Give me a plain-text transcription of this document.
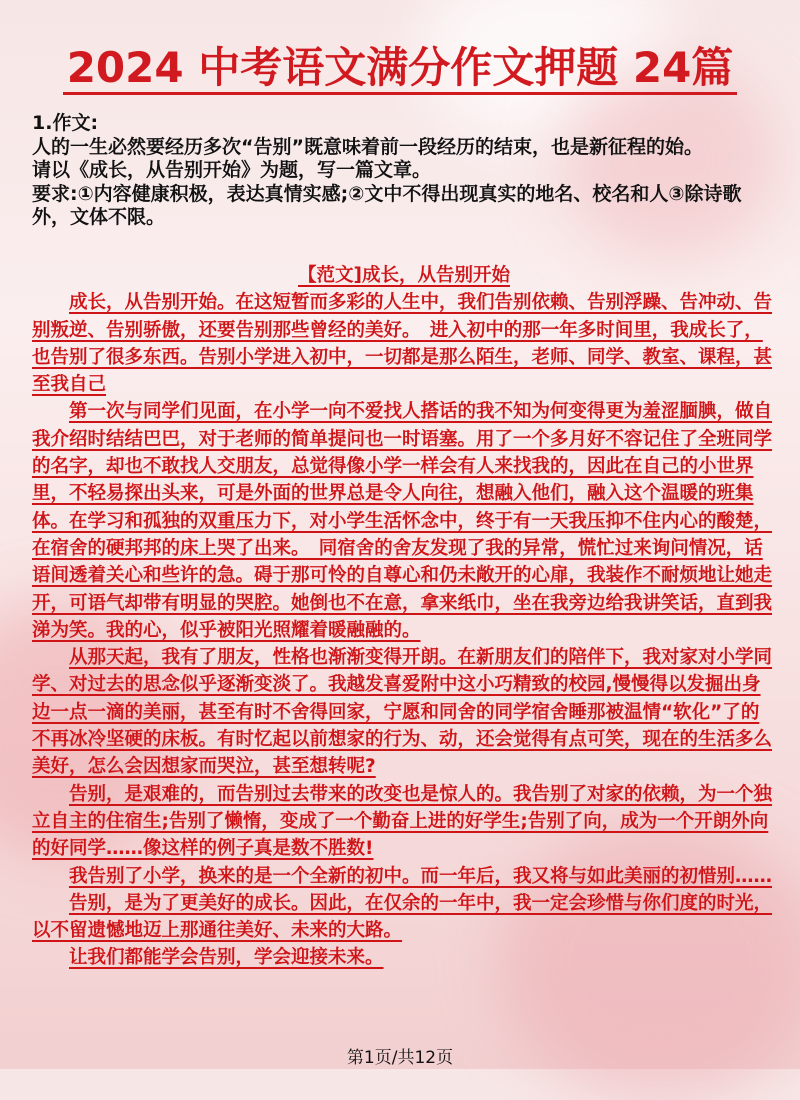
2024 中考语文满分作文押题 24篇

1.作文:

人的一生必然要经历多次“告别”既意味着前一段经历的结束，也是新征程的始。

请以《成长，从告别开始》为题，写一篇文章。

要求:①内容健康积极，表达真情实感;②文中不得出现真实的地名、校名和人③除诗歌外，文体不限。

【范文]成长，从告别开始

成长，从告别开始。在这短暂而多彩的人生中，我们告别依赖、告别浮躁、告冲动、告别叛逆、告别骄傲，还要告别那些曾经的美好。　进入初中的那一年多时间里，我成长了，也告别了很多东西。告别小学进入初中，一切都是那么陌生，老师、同学、教室、课程，甚至我自己

第一次与同学们见面，在小学一向不爱找人搭话的我不知为何变得更为羞涩腼腆，做自我介绍时结结巴巴，对于老师的简单提问也一时语塞。用了一个多月好不容记住了全班同学的名字，却也不敢找人交朋友，总觉得像小学一样会有人来找我的，因此在自己的小世界里，不轻易探出头来，可是外面的世界总是令人向往，想融入他们，融入这个温暖的班集体。在学习和孤独的双重压力下，对小学生活怀念中，终于有一天我压抑不住内心的酸楚，在宿舍的硬邦邦的床上哭了出来。　同宿舍的舍友发现了我的异常，慌忙过来询问情况，话语间透着关心和些许的急。碍于那可怜的自尊心和仍未敞开的心扉，我装作不耐烦地让她走开，可语气却带有明显的哭腔。她倒也不在意，拿来纸巾，坐在我旁边给我讲笑话，直到我

涕为笑。我的心，似乎被阳光照耀着暖融融的。

从那天起，我有了朋友，性格也渐渐变得开朗。在新朋友们的陪伴下，我对家对小学同学、对过去的思念似乎逐渐变淡了。我越发喜爱附中这小巧精致的校园,慢慢得以发掘出身边一点一滴的美丽，甚至有时不舍得回家，宁愿和同舍的同学宿舍睡那被温情“软化”了的不再冰冷坚硬的床板。有时忆起以前想家的行为、动，还会觉得有点可笑，现在的生活多么美好，怎么会因想家而哭泣，甚至想转呢?

告别，是艰难的，而告别过去带来的改变也是惊人的。我告别了对家的依赖，为一个独立自主的住宿生;告别了懒惰，变成了一个勤奋上进的好学生;告别了向，成为一个开朗外向的好同学……像这样的例子真是数不胜数!

我告别了小学，换来的是一个全新的初中。而一年后，我又将与如此美丽的初惜别……

告别，是为了更美好的成长。因此，在仅余的一年中，我一定会珍惜与你们度的时光，以不留遗憾地迈上那通往美好、未来的大路。

让我们都能学会告别，学会迎接未来。

第1页/共12页
